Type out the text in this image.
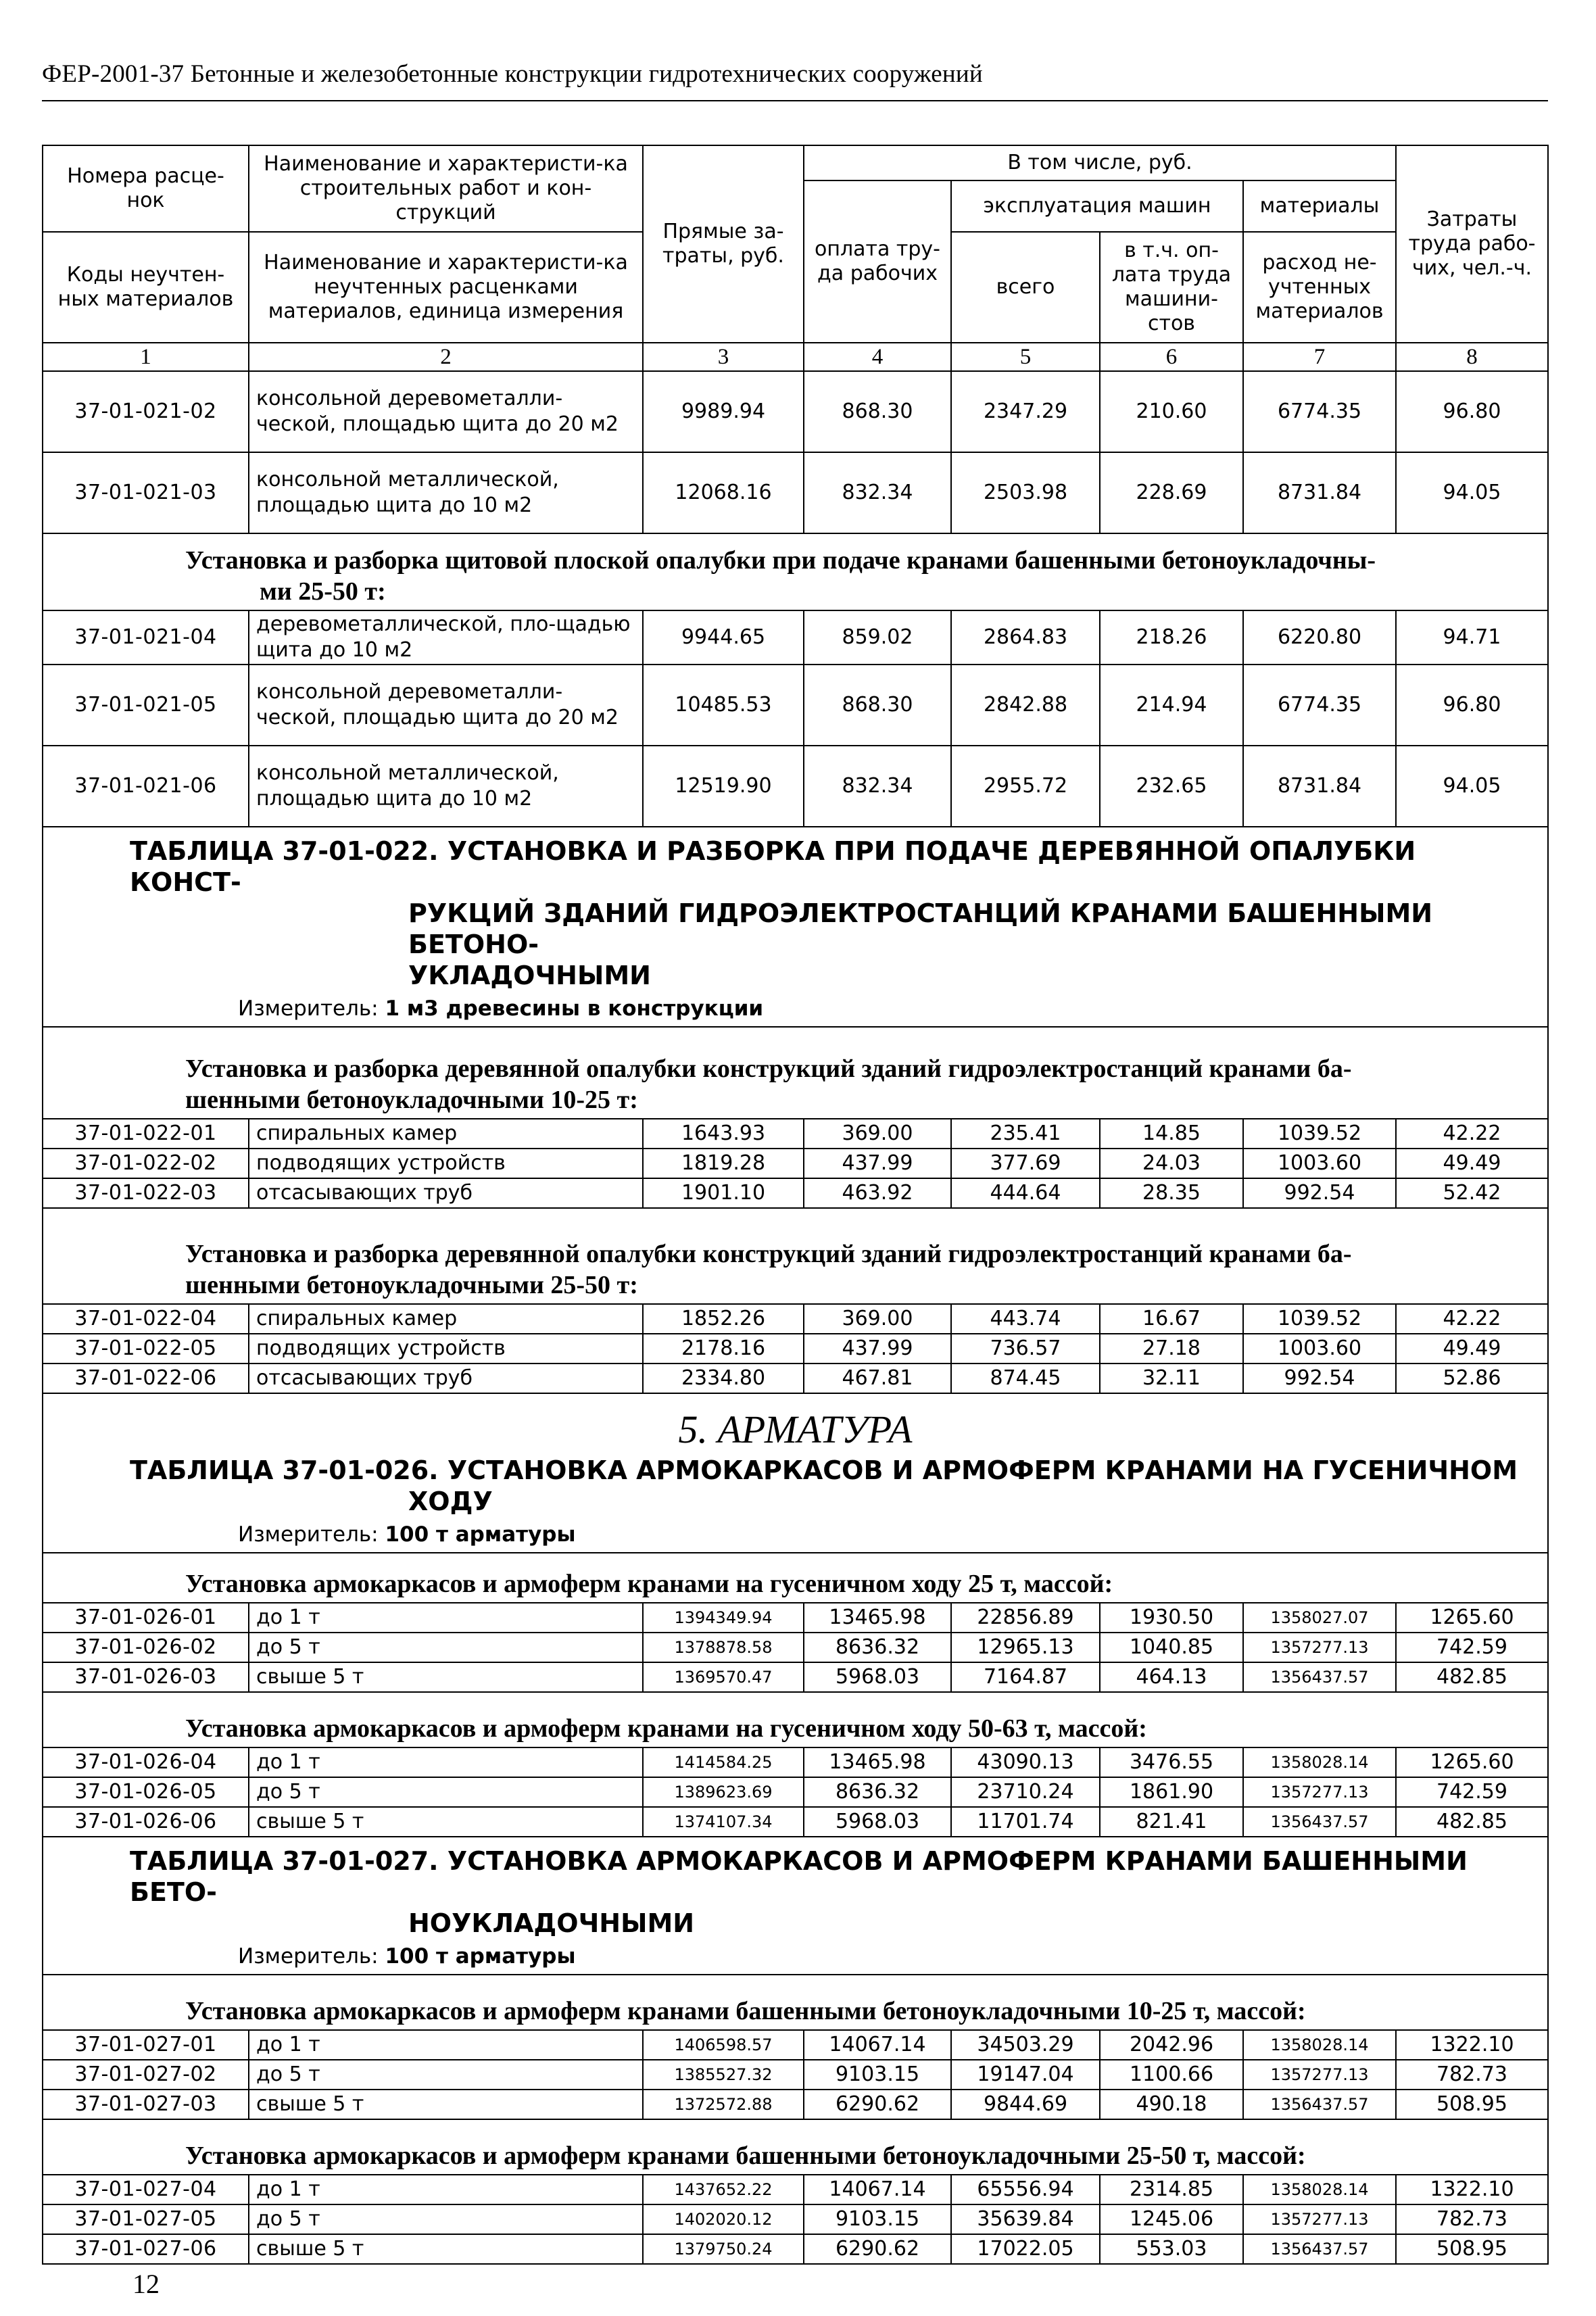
ФЕР-2001-37 Бетонные и железобетонные конструкции гидротехнических сооружений
Номера расце-нок	Наименование и характеристи-ка строительных работ и кон-струкций	Прямые за-траты, руб.	В том числе, руб.				Затраты труда рабо-чих, чел.-ч.
			оплата тру-да рабочих	эксплуатация машин		материалы	
Коды неучтен-ных материалов	Наименование и характеристи-ка неучтенных расценками материалов, единица измерения			всего	в т.ч. оп-лата труда машини-стов	расход не-учтенных материалов	

1	2	3	4	5	6	7	8
37-01-021-02	консольной деревометалли-ческой, площадью щита до 20 м2	9989.94	868.30	2347.29	210.60	6774.35	96.80
37-01-021-03	консольной металлической, площадью щита до 10 м2	12068.16	832.34	2503.98	228.69	8731.84	94.05
Установка и разборка щитовой плоской опалубки при подаче кранами башенными бетоноукладочны-
ми 25-50 т:							
37-01-021-04	деревометаллической, пло-щадью щита до 10 м2	9944.65	859.02	2864.83	218.26	6220.80	94.71
37-01-021-05	консольной деревометалли-ческой, площадью щита до 20 м2	10485.53	868.30	2842.88	214.94	6774.35	96.80
37-01-021-06	консольной металлической, площадью щита до 10 м2	12519.90	832.34	2955.72	232.65	8731.84	94.05

ТАБЛИЦА 37-01-022. УСТАНОВКА И РАЗБОРКА ПРИ ПОДАЧЕ ДЕРЕВЯННОЙ ОПАЛУБКИ КОНСТ-
РУКЦИЙ ЗДАНИЙ ГИДРОЭЛЕКТРОСТАНЦИЙ КРАНАМИ БАШЕННЫМИ БЕТОНО-
УКЛАДОЧНЫМИ
Измеритель: 1 м3 древесины в конструкции							

Установка и разборка деревянной опалубки конструкций зданий гидроэлектростанций кранами ба-
шенными бетоноукладочными 10-25 т:							
37-01-022-01	спиральных камер	1643.93	369.00	235.41	14.85	1039.52	42.22
37-01-022-02	подводящих устройств	1819.28	437.99	377.69	24.03	1003.60	49.49
37-01-022-03	отсасывающих труб	1901.10	463.92	444.64	28.35	992.54	52.42
Установка и разборка деревянной опалубки конструкций зданий гидроэлектростанций кранами ба-
шенными бетоноукладочными 25-50 т:							
37-01-022-04	спиральных камер	1852.26	369.00	443.74	16.67	1039.52	42.22
37-01-022-05	подводящих устройств	2178.16	437.99	736.57	27.18	1003.60	49.49
37-01-022-06	отсасывающих труб	2334.80	467.81	874.45	32.11	992.54	52.86
5. АРМАТУРА							

ТАБЛИЦА 37-01-026. УСТАНОВКА АРМОКАРКАСОВ И АРМОФЕРМ КРАНАМИ НА ГУСЕНИЧНОМ
ХОДУ
Измеритель: 100 т арматуры							

Установка армокаркасов и армоферм кранами на гусеничном ходу 25 т, массой:							
37-01-026-01	до 1 т	1394349.94	13465.98	22856.89	1930.50	1358027.07	1265.60
37-01-026-02	до 5 т	1378878.58	8636.32	12965.13	1040.85	1357277.13	742.59
37-01-026-03	свыше 5 т	1369570.47	5968.03	7164.87	464.13	1356437.57	482.85
Установка армокаркасов и армоферм кранами на гусеничном ходу 50-63 т, массой:							
37-01-026-04	до 1 т	1414584.25	13465.98	43090.13	3476.55	1358028.14	1265.60
37-01-026-05	до 5 т	1389623.69	8636.32	23710.24	1861.90	1357277.13	742.59
37-01-026-06	свыше 5 т	1374107.34	5968.03	11701.74	821.41	1356437.57	482.85

ТАБЛИЦА 37-01-027. УСТАНОВКА АРМОКАРКАСОВ И АРМОФЕРМ КРАНАМИ БАШЕННЫМИ БЕТО-
НОУКЛАДОЧНЫМИ
Измеритель: 100 т арматуры							

Установка армокаркасов и армоферм кранами башенными бетоноукладочными 10-25 т, массой:							
37-01-027-01	до 1 т	1406598.57	14067.14	34503.29	2042.96	1358028.14	1322.10
37-01-027-02	до 5 т	1385527.32	9103.15	19147.04	1100.66	1357277.13	782.73
37-01-027-03	свыше 5 т	1372572.88	6290.62	9844.69	490.18	1356437.57	508.95
Установка армокаркасов и армоферм кранами башенными бетоноукладочными 25-50 т, массой:							
37-01-027-04	до 1 т	1437652.22	14067.14	65556.94	2314.85	1358028.14	1322.10
37-01-027-05	до 5 т	1402020.12	9103.15	35639.84	1245.06	1357277.13	782.73
37-01-027-06	свыше 5 т	1379750.24	6290.62	17022.05	553.03	1356437.57	508.95
12
